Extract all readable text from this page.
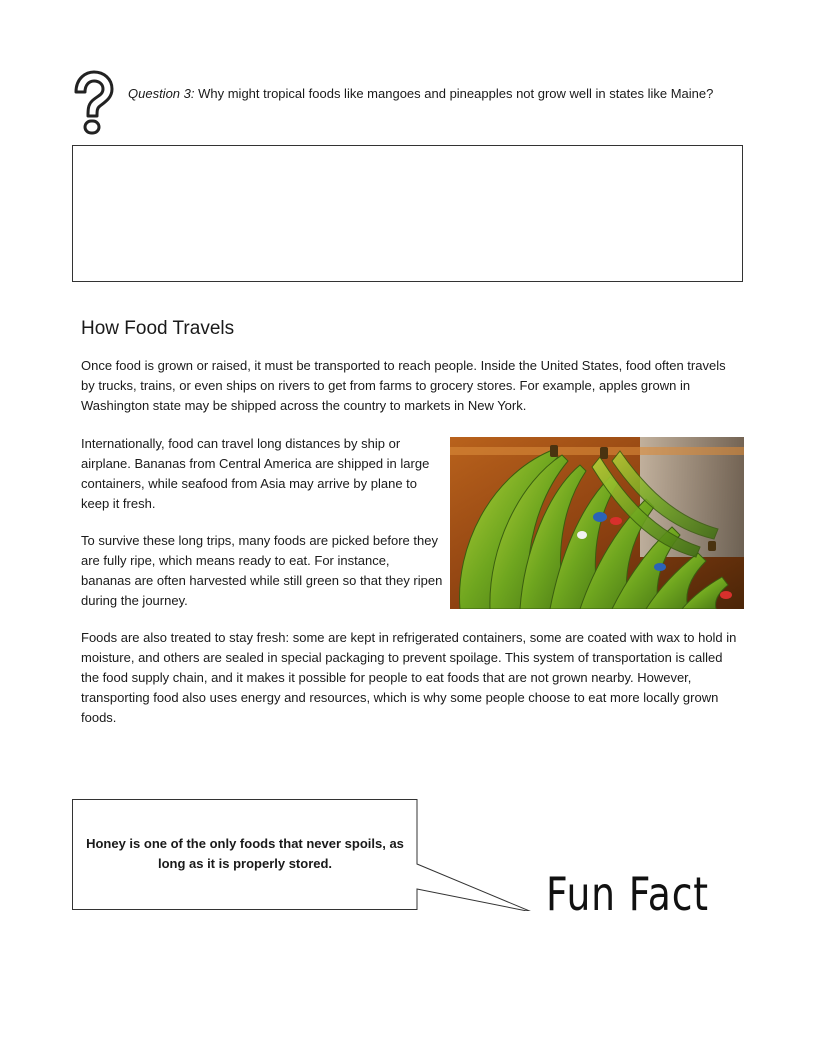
Question 3: Why might tropical foods like mangoes and pineapples not grow well in states like Maine?
How Food Travels

Once food is grown or raised, it must be transported to reach people. Inside the United States, food often travels by trucks, trains, or even ships on rivers to get from farms to grocery stores. For example, apples grown in Washington state may be shipped across the country to markets in New York.

Internationally, food can travel long distances by ship or airplane. Bananas from Central America are shipped in large containers, while seafood from Asia may arrive by plane to keep it fresh.

To survive these long trips, many foods are picked before they are fully ripe, which means ready to eat. For instance, bananas are often harvested while still green so that they ripen during the journey.

Foods are also treated to stay fresh: some are kept in refrigerated containers, some are coated with wax to hold in moisture, and others are sealed in special packaging to prevent spoilage. This system of transportation is called the food supply chain, and it makes it possible for people to eat foods that are not grown nearby. However, transporting food also uses energy and resources, which is why some people choose to eat more locally grown foods.

Honey is one of the only foods that never spoils, as long as it is properly stored.
Fun Fact
